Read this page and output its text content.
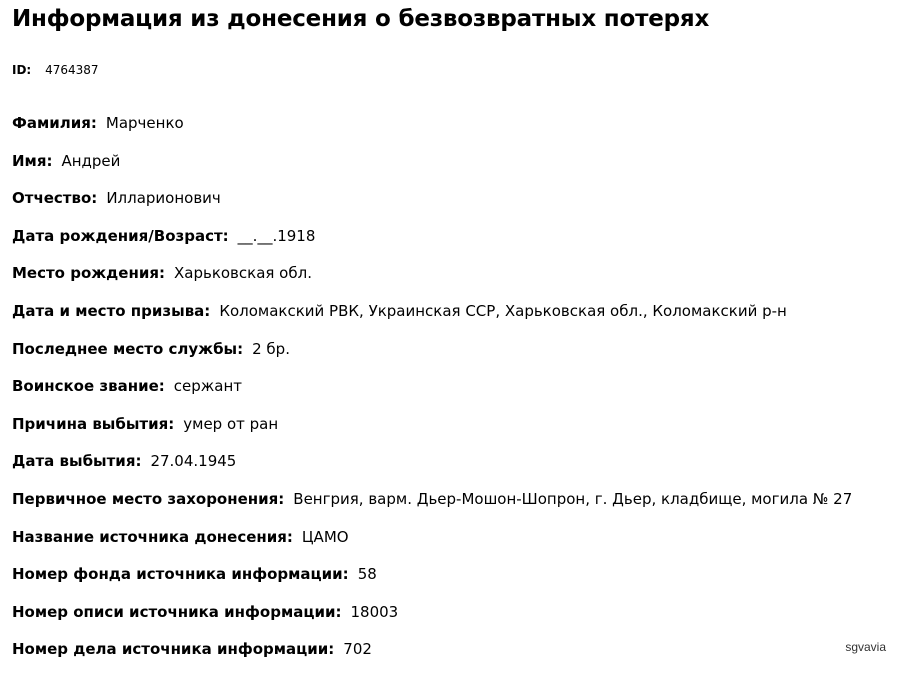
Информация из донесения о безвозвратных потерях
ID: 4764387
Фамилия: Марченко
Имя: Андрей
Отчество: Илларионович
Дата рождения/Возраст: __.__.1918
Место рождения: Харьковская обл.
Дата и место призыва: Коломакский РВК, Украинская ССР, Харьковская обл., Коломакский р-н
Последнее место службы: 2 бр.
Воинское звание: сержант
Причина выбытия: умер от ран
Дата выбытия: 27.04.1945
Первичное место захоронения: Венгрия, варм. Дьер-Мошон-Шопрон, г. Дьер, кладбище, могила № 27
Название источника донесения: ЦАМО
Номер фонда источника информации: 58
Номер описи источника информации: 18003
Номер дела источника информации: 702	sgvavia
